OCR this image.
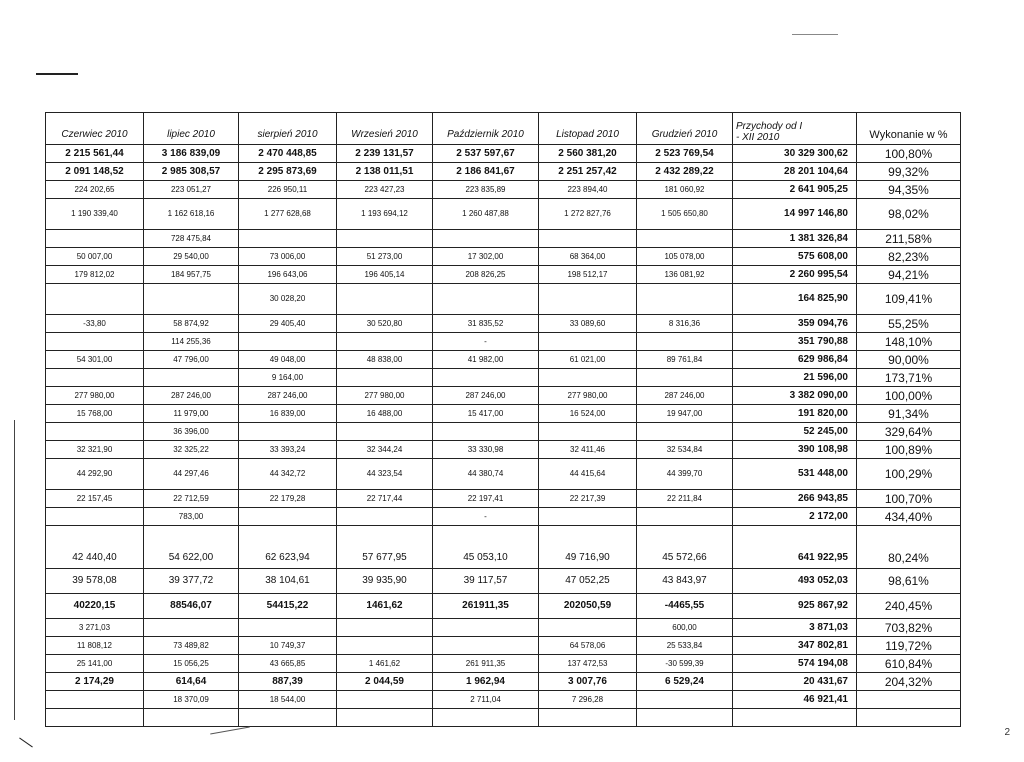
Czerwiec 2010	lipiec 2010	sierpień 2010	Wrzesień 2010	Październik 2010	Listopad 2010	Grudzień 2010	Przychody od I
- XII 2010	Wykonanie w %
2 215 561,44	3 186 839,09	2 470 448,85	2 239 131,57	2 537 597,67	2 560 381,20	2 523 769,54	30 329 300,62	100,80%
2 091 148,52	2 985 308,57	2 295 873,69	2 138 011,51	2 186 841,67	2 251 257,42	2 432 289,22	28 201 104,64	99,32%
224 202,65	223 051,27	226 950,11	223 427,23	223 835,89	223 894,40	181 060,92	2 641 905,25	94,35%
1 190 339,40	1 162 618,16	1 277 628,68	1 193 694,12	1 260 487,88	1 272 827,76	1 505 650,80	14 997 146,80	98,02%
	728 475,84						1 381 326,84	211,58%
50 007,00	29 540,00	73 006,00	51 273,00	17 302,00	68 364,00	105 078,00	575 608,00	82,23%
179 812,02	184 957,75	196 643,06	196 405,14	208 826,25	198 512,17	136 081,92	2 260 995,54	94,21%
		30 028,20					164 825,90	109,41%
-33,80	58 874,92	29 405,40	30 520,80	31 835,52	33 089,60	8 316,36	359 094,76	55,25%
	114 255,36			-			351 790,88	148,10%
54 301,00	47 796,00	49 048,00	48 838,00	41 982,00	61 021,00	89 761,84	629 986,84	90,00%
		9 164,00					21 596,00	173,71%
277 980,00	287 246,00	287 246,00	277 980,00	287 246,00	277 980,00	287 246,00	3 382 090,00	100,00%
15 768,00	11 979,00	16 839,00	16 488,00	15 417,00	16 524,00	19 947,00	191 820,00	91,34%
	36 396,00						52 245,00	329,64%
32 321,90	32 325,22	33 393,24	32 344,24	33 330,98	32 411,46	32 534,84	390 108,98	100,89%
44 292,90	44 297,46	44 342,72	44 323,54	44 380,74	44 415,64	44 399,70	531 448,00	100,29%
22 157,45	22 712,59	22 179,28	22 717,44	22 197,41	22 217,39	22 211,84	266 943,85	100,70%
	783,00			-			2 172,00	434,40%
42 440,40	54 622,00	62 623,94	57 677,95	45 053,10	49 716,90	45 572,66	641 922,95	80,24%
39 578,08	39 377,72	38 104,61	39 935,90	39 117,57	47 052,25	43 843,97	493 052,03	98,61%
40220,15	88546,07	54415,22	1461,62	261911,35	202050,59	-4465,55	925 867,92	240,45%
3 271,03						600,00	3 871,03	703,82%
11 808,12	73 489,82	10 749,37			64 578,06	25 533,84	347 802,81	119,72%
25 141,00	15 056,25	43 665,85	1 461,62	261 911,35	137 472,53	-30 599,39	574 194,08	610,84%
2 174,29	614,64	887,39	2 044,59	1 962,94	3 007,76	6 529,24	20 431,67	204,32%
	18 370,09	18 544,00		2 711,04	7 296,28		46 921,41	

2
